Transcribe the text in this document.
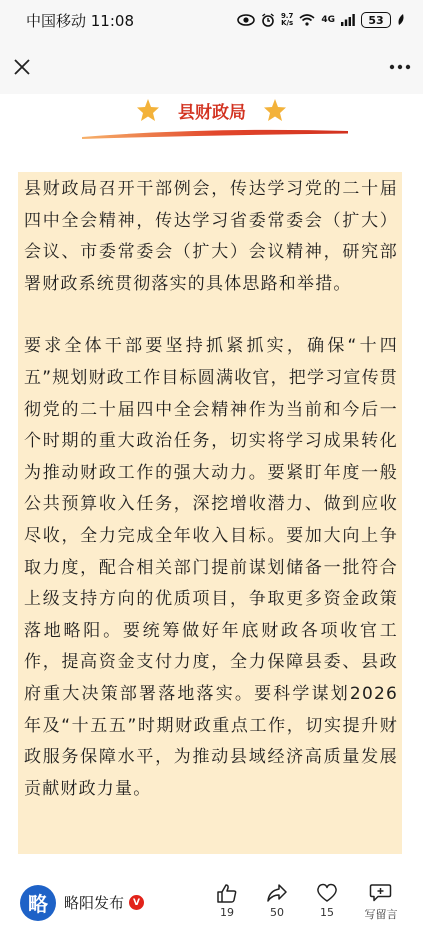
中国移动 11:08	9.7
K/s	4G	53
县财政局

县财政局召开干部例会，传达学习党的二十届四中全会精神，传达学习省委常委会（扩大）会议、市委常委会（扩大）会议精神，研究部署财政系统贯彻落实的具体思路和举措。

要求全体干部要坚持抓紧抓实，确保“十四五”规划财政工作目标圆满收官，把学习宣传贯彻党的二十届四中全会精神作为当前和今后一个时期的重大政治任务，切实将学习成果转化为推动财政工作的强大动力。要紧盯年度一般公共预算收入任务，深挖增收潜力、做到应收尽收，全力完成全年收入目标。要加大向上争取力度，配合相关部门提前谋划储备一批符合上级支持方向的优质项目，争取更多资金政策落地略阳。要统筹做好年底财政各项收官工作，提高资金支付力度，全力保障县委、县政府重大决策部署落地落实。要科学谋划2026年及“十五五”时期财政重点工作，切实提升财政服务保障水平，为推动县域经济高质量发展贡献财政力量。

略	略阳发布	V
19	50	15	写留言
